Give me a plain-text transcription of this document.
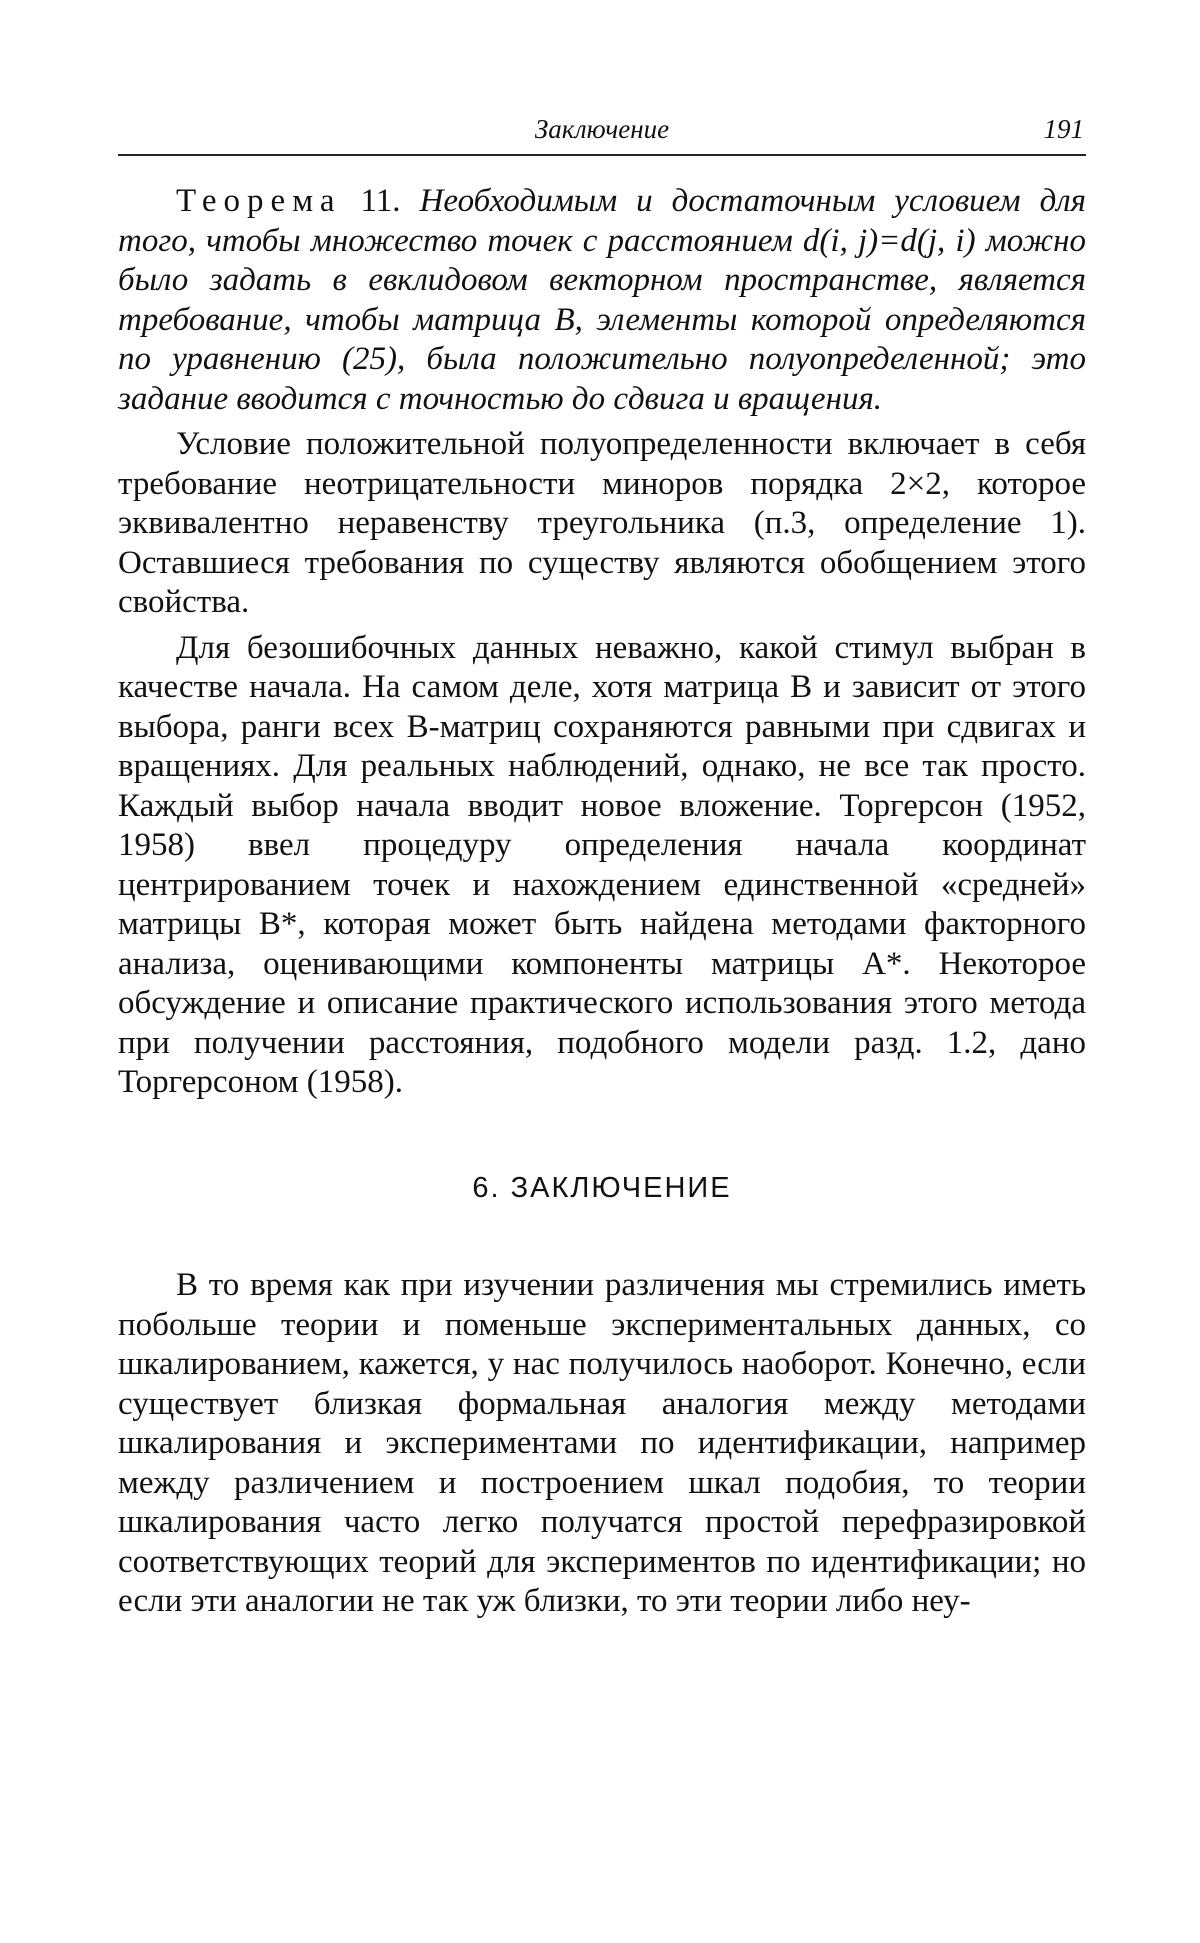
Заключение	191

Теорема 11. Необходимым и достаточным условием для того, чтобы множество точек с расстоянием d(i, j)=d(j, i) можно было задать в евклидовом векторном пространстве, является требование, чтобы матрица B, элементы которой определяются по уравнению (25), была положительно полуопределенной; это задание вводится с точностью до сдвига и вращения.

Условие положительной полуопределенности включает в себя требование неотрицательности миноров порядка 2×2, которое эквивалентно неравенству треугольника (п.3, определение 1). Оставшиеся требования по существу являются обобщением этого свойства.

Для безошибочных данных неважно, какой стимул выбран в качестве начала. На самом деле, хотя матрица B и зависит от этого выбора, ранги всех B-матриц сохраняются равными при сдвигах и вращениях. Для реальных наблюдений, однако, не все так просто. Каждый выбор начала вводит новое вложение. Торгерсон (1952, 1958) ввел процедуру определения начала координат центрированием точек и нахождением единственной «средней» матрицы B*, которая может быть найдена методами факторного анализа, оценивающими компоненты матрицы A*. Некоторое обсуждение и описание практического использования этого метода при получении расстояния, подобного модели разд. 1.2, дано Торгерсоном (1958).

6. ЗАКЛЮЧЕНИЕ

В то время как при изучении различения мы стремились иметь побольше теории и поменьше экспериментальных данных, со шкалированием, кажется, у нас получилось наоборот. Конечно, если существует близкая формальная аналогия между методами шкалирования и экспериментами по идентификации, например между различением и построением шкал подобия, то теории шкалирования часто легко получатся простой перефразировкой соответствующих теорий для экспериментов по идентификации; но если эти аналогии не так уж близки, то эти теории либо неу-
